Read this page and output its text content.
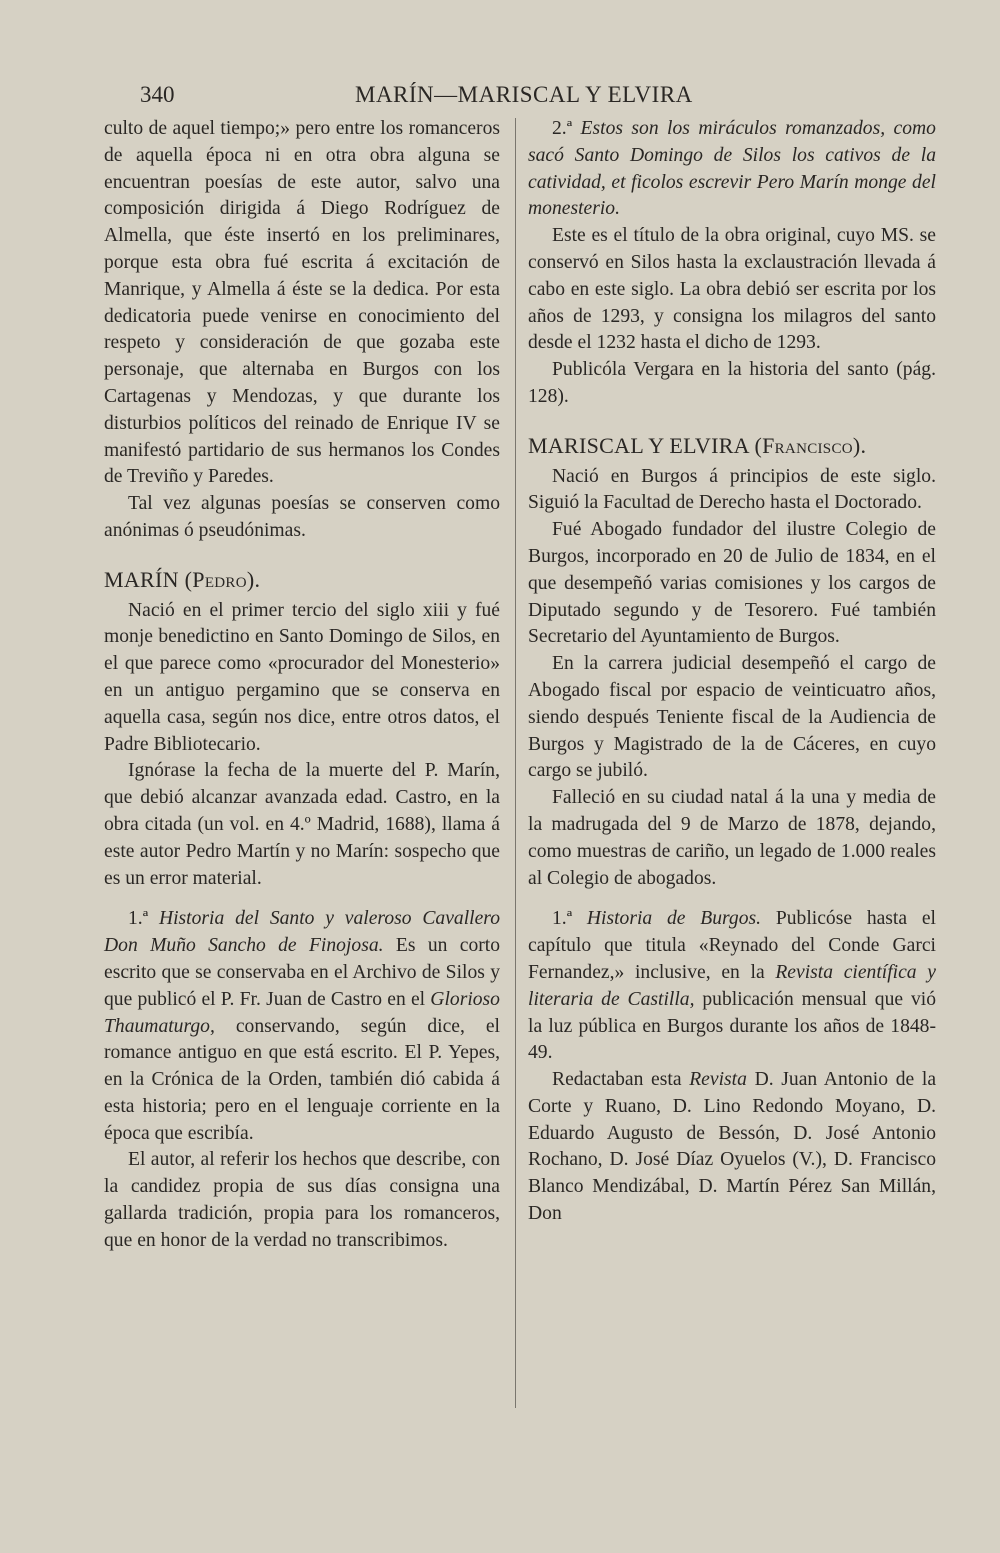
340	MARÍN—MARISCAL Y ELVIRA

culto de aquel tiempo;» pero entre los romanceros de aquella época ni en otra obra alguna se encuentran poesías de este autor, salvo una composición dirigida á Diego Rodríguez de Almella, que éste insertó en los preliminares, porque esta obra fué escrita á excitación de Manrique, y Almella á éste se la dedica. Por esta dedicatoria puede venirse en conocimiento del respeto y consideración de que gozaba este personaje, que alternaba en Burgos con los Cartagenas y Mendozas, y que durante los disturbios políticos del reinado de Enrique IV se manifestó partidario de sus hermanos los Condes de Treviño y Paredes.

Tal vez algunas poesías se conserven como anónimas ó pseudónimas.

MARÍN (Pedro).

Nació en el primer tercio del siglo xiii y fué monje benedictino en Santo Domingo de Silos, en el que parece como «procurador del Monesterio» en un antiguo pergamino que se conserva en aquella casa, según nos dice, entre otros datos, el Padre Bibliotecario.

Ignórase la fecha de la muerte del P. Marín, que debió alcanzar avanzada edad. Castro, en la obra citada (un vol. en 4.º Madrid, 1688), llama á este autor Pedro Martín y no Marín: sospecho que es un error material.

1.ª Historia del Santo y valeroso Cavallero Don Muño Sancho de Finojosa. Es un corto escrito que se conservaba en el Archivo de Silos y que publicó el P. Fr. Juan de Castro en el Glorioso Thaumaturgo, conservando, según dice, el romance antiguo en que está escrito. El P. Yepes, en la Crónica de la Orden, también dió cabida á esta historia; pero en el lenguaje corriente en la época que escribía.

El autor, al referir los hechos que describe, con la candidez propia de sus días consigna una gallarda tradición, propia para los romanceros, que en honor de la verdad no transcribimos.

2.ª Estos son los miráculos romanzados, como sacó Santo Domingo de Silos los cativos de la catividad, et ficolos escrevir Pero Marín monge del monesterio.

Este es el título de la obra original, cuyo MS. se conservó en Silos hasta la exclaustración llevada á cabo en este siglo. La obra debió ser escrita por los años de 1293, y consigna los milagros del santo desde el 1232 hasta el dicho de 1293.

Publicóla Vergara en la historia del santo (pág. 128).

MARISCAL Y ELVIRA (Francisco).

Nació en Burgos á principios de este siglo. Siguió la Facultad de Derecho hasta el Doctorado.

Fué Abogado fundador del ilustre Colegio de Burgos, incorporado en 20 de Julio de 1834, en el que desempeñó varias comisiones y los cargos de Diputado segundo y de Tesorero. Fué también Secretario del Ayuntamiento de Burgos.

En la carrera judicial desempeñó el cargo de Abogado fiscal por espacio de veinticuatro años, siendo después Teniente fiscal de la Audiencia de Burgos y Magistrado de la de Cáceres, en cuyo cargo se jubiló.

Falleció en su ciudad natal á la una y media de la madrugada del 9 de Marzo de 1878, dejando, como muestras de cariño, un legado de 1.000 reales al Colegio de abogados.

1.ª Historia de Burgos. Publicóse hasta el capítulo que titula «Reynado del Conde Garci Fernandez,» inclusive, en la Revista científica y literaria de Castilla, publicación mensual que vió la luz pública en Burgos durante los años de 1848-49.

Redactaban esta Revista D. Juan Antonio de la Corte y Ruano, D. Lino Redondo Moyano, D. Eduardo Augusto de Bessón, D. José Antonio Rochano, D. José Díaz Oyuelos (V.), D. Francisco Blanco Mendizábal, D. Martín Pérez San Millán, Don
